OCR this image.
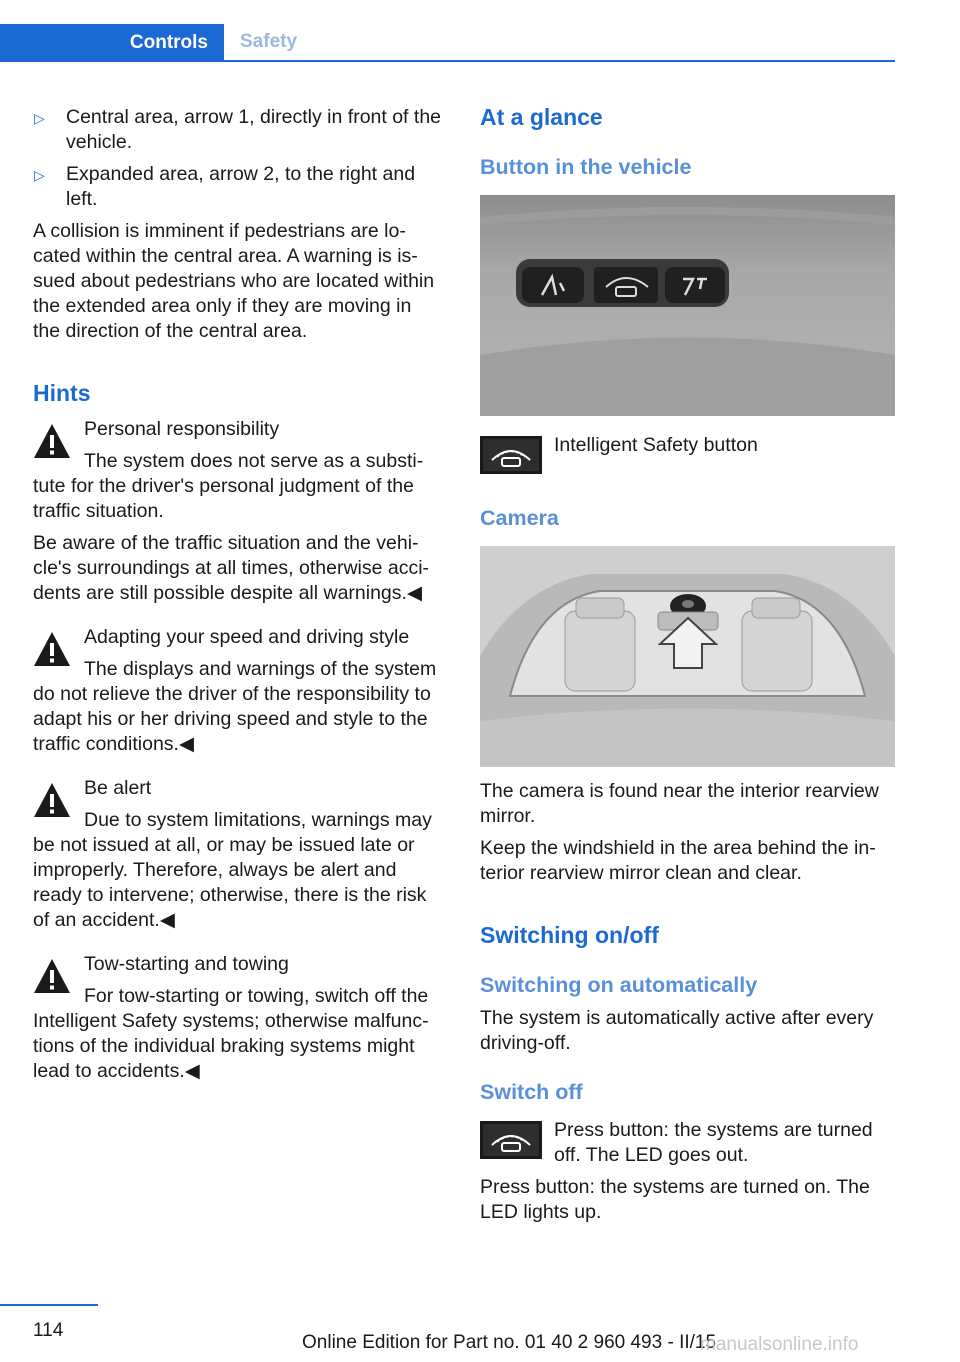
Controls	Safety
▷ Central area, arrow 1, directly in front of the

vehicle.

▷ Expanded area, arrow 2, to the right and

left.

A collision is imminent if pedestrians are lo-

cated within the central area. A warning is is-

sued about pedestrians who are located within

the extended area only if they are moving in

the direction of the central area.

Hints

Personal responsibility

The system does not serve as a substi-

tute for the driver's personal judgment of the

traffic situation.

Be aware of the traffic situation and the vehi-

cle's surroundings at all times, otherwise acci-

dents are still possible despite all warnings.◀

Adapting your speed and driving style

The displays and warnings of the system

do not relieve the driver of the responsibility to

adapt his or her driving speed and style to the

traffic conditions.◀

Be alert

Due to system limitations, warnings may

be not issued at all, or may be issued late or

improperly. Therefore, always be alert and

ready to intervene; otherwise, there is the risk

of an accident.◀

Tow-starting and towing

For tow-starting or towing, switch off the

Intelligent Safety systems; otherwise malfunc-

tions of the individual braking systems might

lead to accidents.◀

At a glance
Button in the vehicle

Intelligent Safety button

Camera

The camera is found near the interior rearview

mirror.

Keep the windshield in the area behind the in-

terior rearview mirror clean and clear.

Switching on/off
Switching on automatically

The system is automatically active after every

driving-off.

Switch off

Press button: the systems are turned

off. The LED goes out.

Press button: the systems are turned on. The

LED lights up.

114
Online Edition for Part no. 01 40 2 960 493 - II/15
manualsonline.info
